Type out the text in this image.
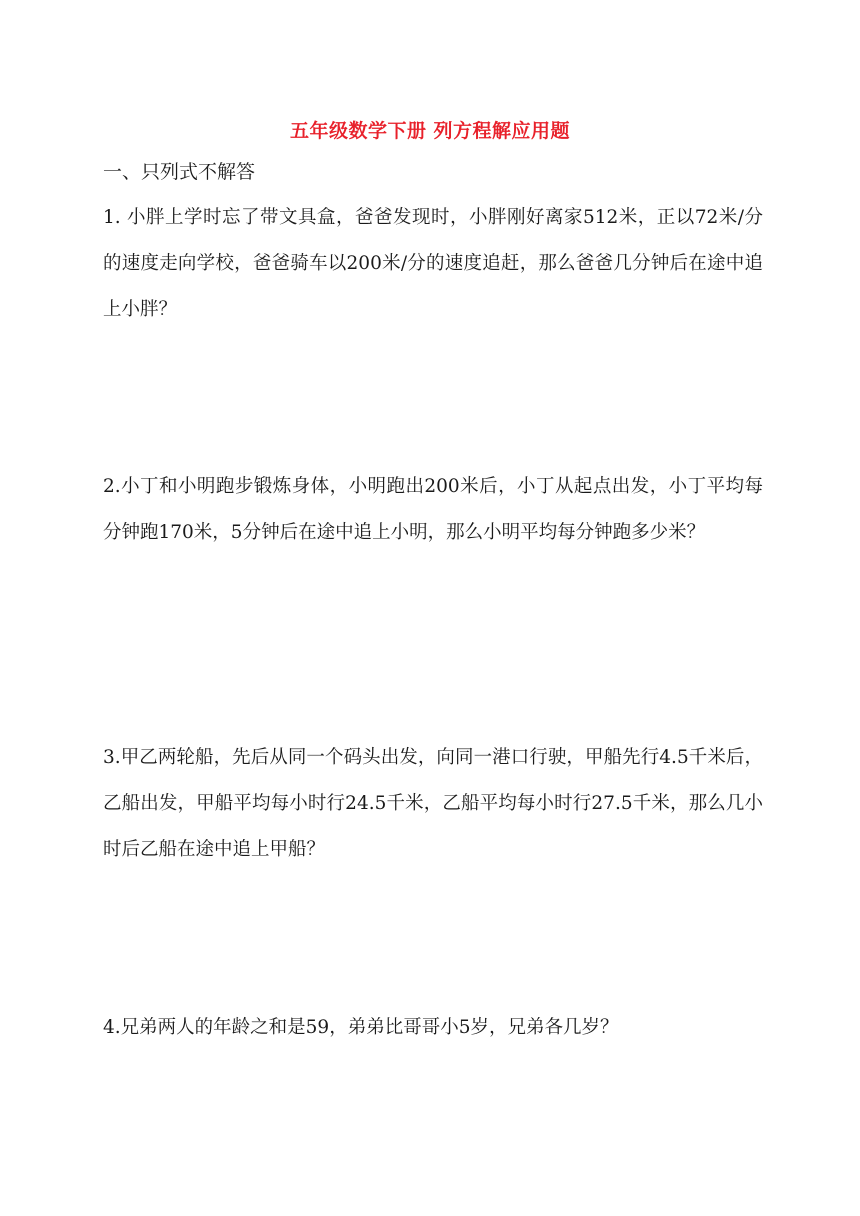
五年级数学下册 列方程解应用题
一、只列式不解答
1. 小胖上学时忘了带文具盒，爸爸发现时，小胖刚好离家512米，正以72米/分的速度走向学校，爸爸骑车以200米/分的速度追赶，那么爸爸几分钟后在途中追上小胖？
2.小丁和小明跑步锻炼身体，小明跑出200米后，小丁从起点出发，小丁平均每分钟跑170米，5分钟后在途中追上小明，那么小明平均每分钟跑多少米？
3.甲乙两轮船，先后从同一个码头出发，向同一港口行驶，甲船先行4.5千米后，乙船出发，甲船平均每小时行24.5千米，乙船平均每小时行27.5千米，那么几小时后乙船在途中追上甲船？
4.兄弟两人的年龄之和是59，弟弟比哥哥小5岁，兄弟各几岁？
